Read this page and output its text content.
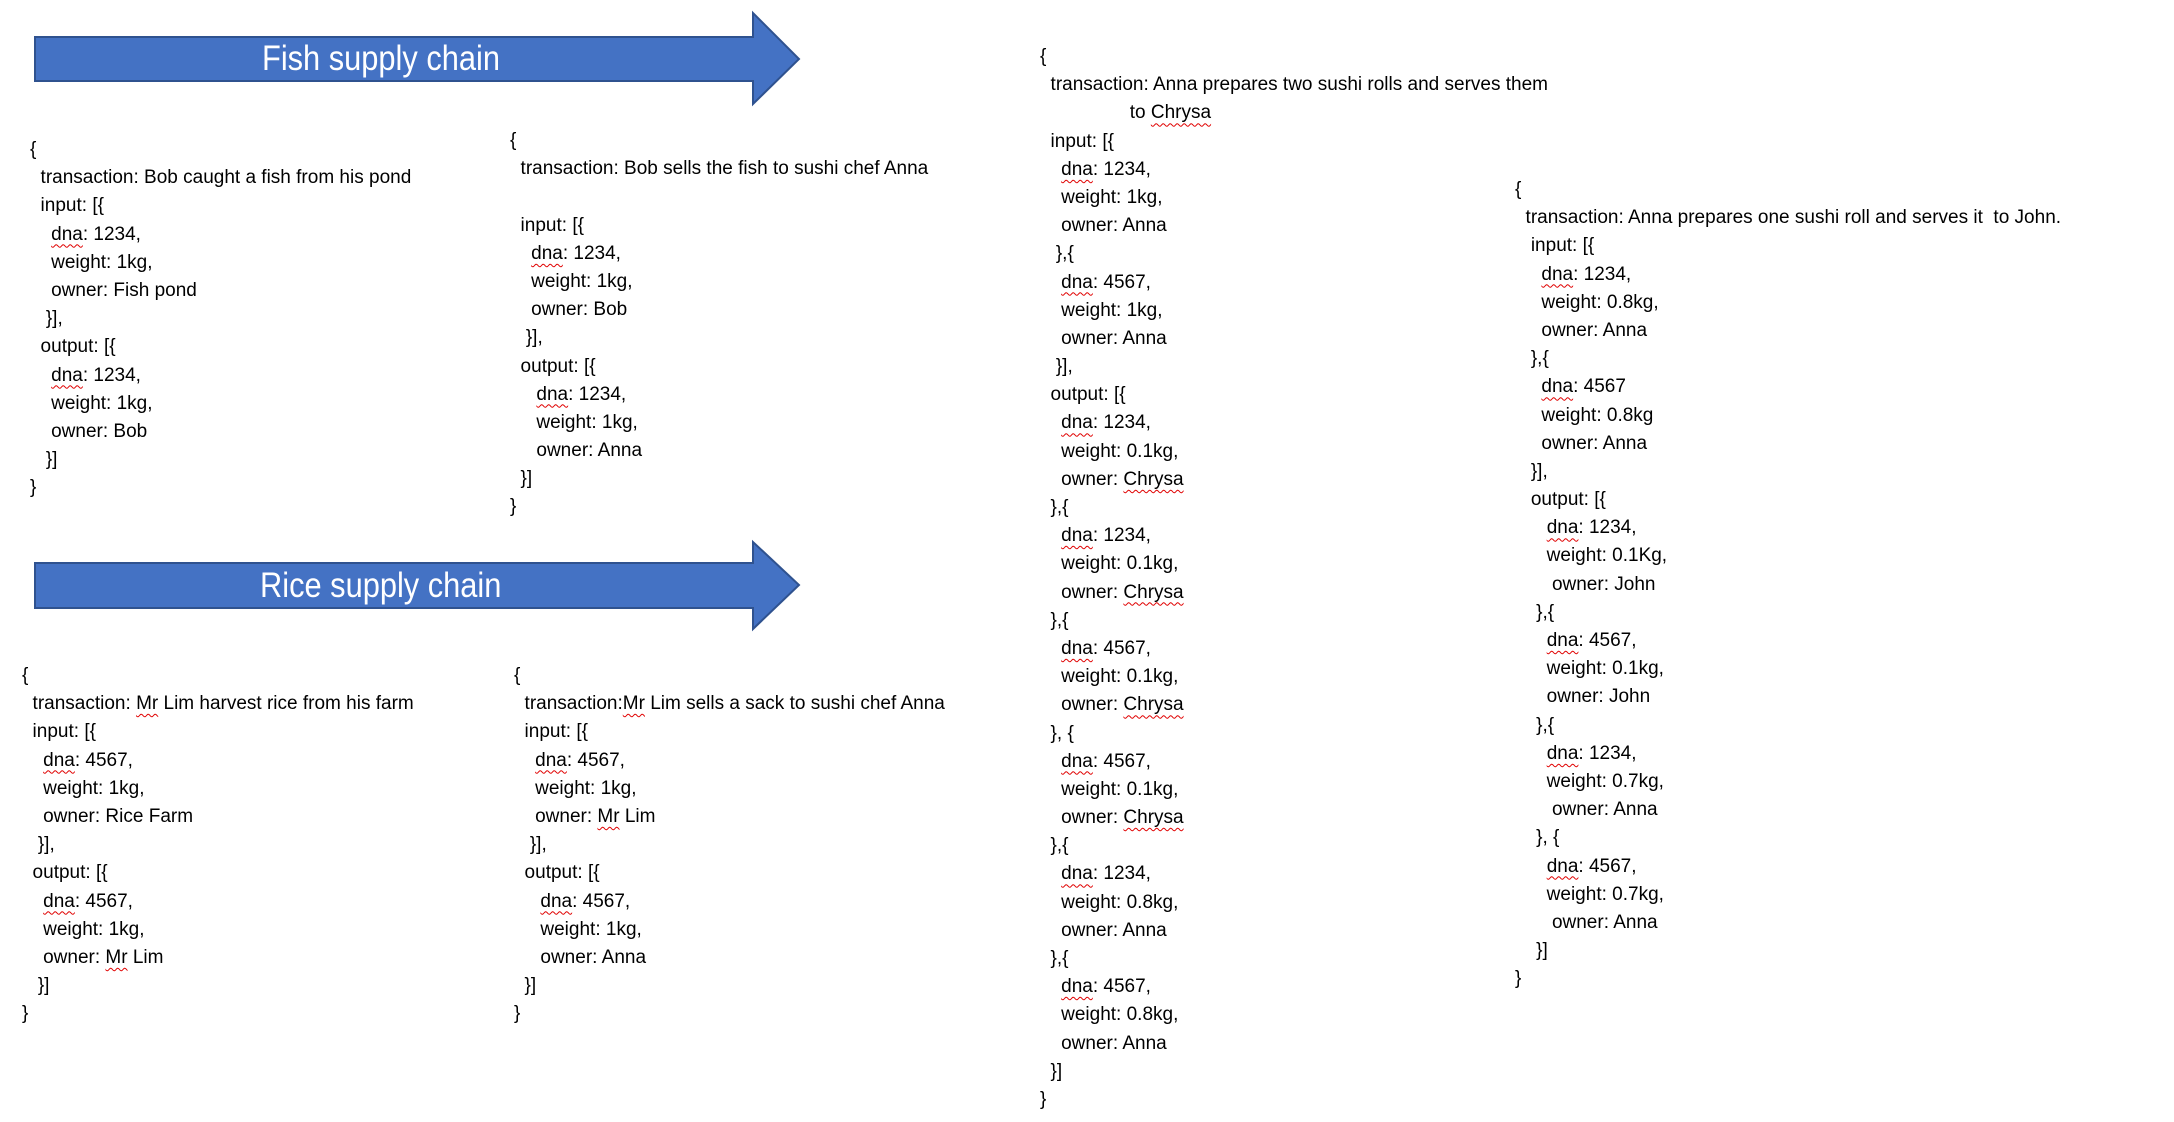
Fish supply chain
Rice supply chain
{
transaction: Bob caught a fish from his pond
input: [{
dna: 1234,
weight: 1kg,
owner: Fish pond
}],
output: [{
dna: 1234,
weight: 1kg,
owner: Bob
}]
}
{
transaction: Bob sells the fish to sushi chef Anna

input: [{
dna: 1234,
weight: 1kg,
owner: Bob
}],
output: [{
dna: 1234,
weight: 1kg,
owner: Anna
}]
}
{
transaction: Mr Lim harvest rice from his farm
input: [{
dna: 4567,
weight: 1kg,
owner: Rice Farm
}],
output: [{
dna: 4567,
weight: 1kg,
owner: Mr Lim
}]
}
{
transaction:Mr Lim sells a sack to sushi chef Anna
input: [{
dna: 4567,
weight: 1kg,
owner: Mr Lim
}],
output: [{
dna: 4567,
weight: 1kg,
owner: Anna
}]
}
{
transaction: Anna prepares two sushi rolls and serves them
to Chrysa
input: [{
dna: 1234,
weight: 1kg,
owner: Anna
},{
dna: 4567,
weight: 1kg,
owner: Anna
}],
output: [{
dna: 1234,
weight: 0.1kg,
owner: Chrysa
},{
dna: 1234,
weight: 0.1kg,
owner: Chrysa
},{
dna: 4567,
weight: 0.1kg,
owner: Chrysa
}, {
dna: 4567,
weight: 0.1kg,
owner: Chrysa
},{
dna: 1234,
weight: 0.8kg,
owner: Anna
},{
dna: 4567,
weight: 0.8kg,
owner: Anna
}]
}
{
transaction: Anna prepares one sushi roll and serves it  to John.
input: [{
dna: 1234,
weight: 0.8kg,
owner: Anna
},{
dna: 4567
weight: 0.8kg
owner: Anna
}],
output: [{
dna: 1234,
weight: 0.1Kg,
owner: John
},{
dna: 4567,
weight: 0.1kg,
owner: John
},{
dna: 1234,
weight: 0.7kg,
owner: Anna
}, {
dna: 4567,
weight: 0.7kg,
owner: Anna
}]
}
